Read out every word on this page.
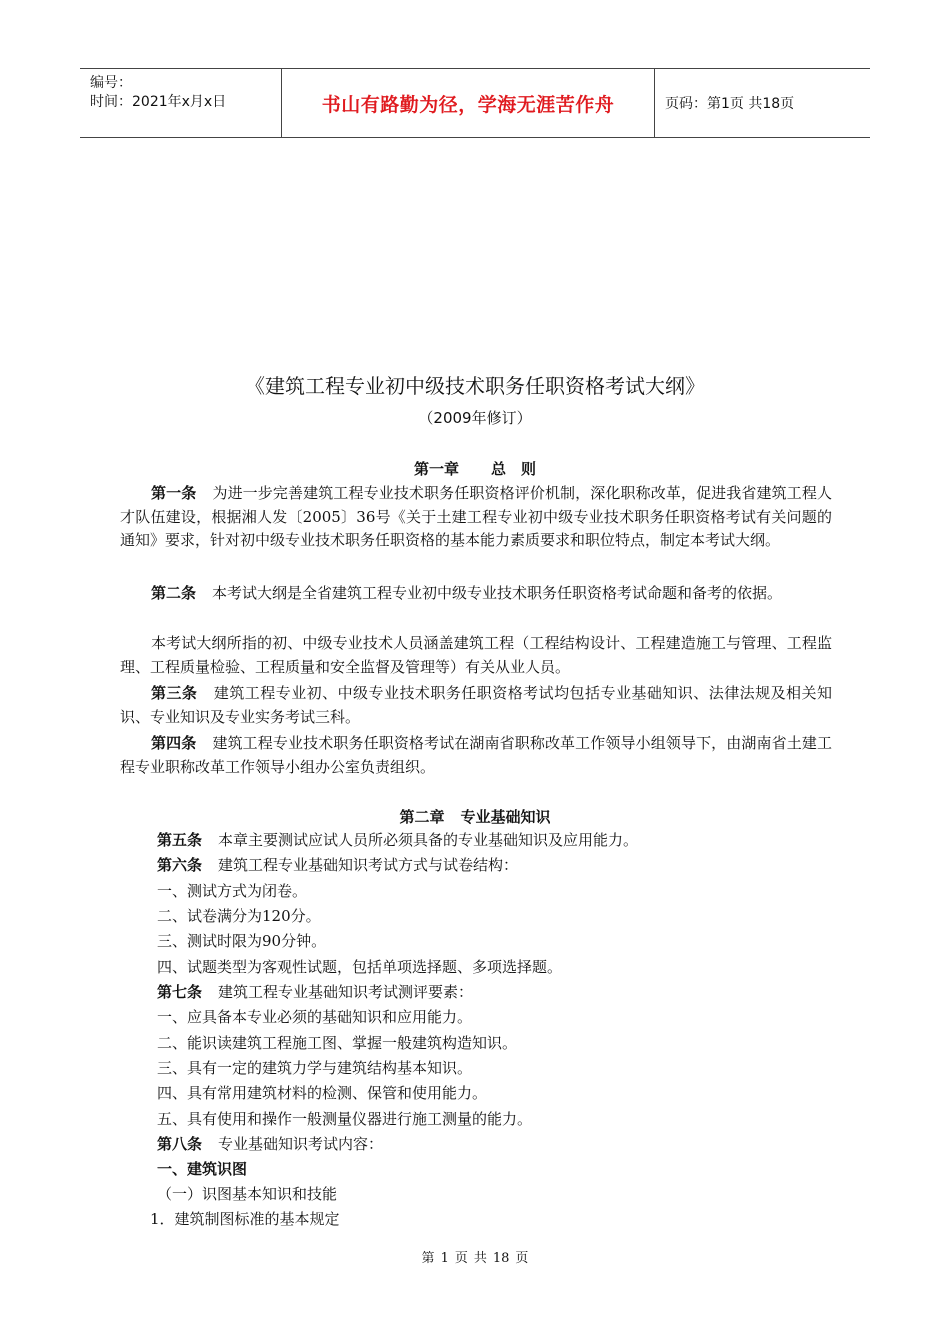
编号：
时间：2021年x月x日	书山有路勤为径，学海无涯苦作舟	页码：第1页 共18页
《建筑工程专业初中级技术职务任职资格考试大纲》
（2009年修订）
第一章 总　则

第一条 为进一步完善建筑工程专业技术职务任职资格评价机制，深化职称改革，促进我省建筑工程人才队伍建设，根据湘人发〔2005〕36号《关于土建工程专业初中级专业技术职务任职资格考试有关问题的通知》要求，针对初中级专业技术职务任职资格的基本能力素质要求和职位特点，制定本考试大纲。

第二条 本考试大纲是全省建筑工程专业初中级专业技术职务任职资格考试命题和备考的依据。

本考试大纲所指的初、中级专业技术人员涵盖建筑工程（工程结构设计、工程建造施工与管理、工程监理、工程质量检验、工程质量和安全监督及管理等）有关从业人员。

第三条 建筑工程专业初、中级专业技术职务任职资格考试均包括专业基础知识、法律法规及相关知识、专业知识及专业实务考试三科。

第四条 建筑工程专业技术职务任职资格考试在湖南省职称改革工作领导小组领导下，由湖南省土建工程专业职称改革工作领导小组办公室负责组织。

第二章 专业基础知识
第五条 本章主要测试应试人员所必须具备的专业基础知识及应用能力。
第六条 建筑工程专业基础知识考试方式与试卷结构：
一、测试方式为闭卷。
二、试卷满分为120分。
三、测试时限为90分钟。
四、试题类型为客观性试题，包括单项选择题、多项选择题。
第七条 建筑工程专业基础知识考试测评要素：
一、应具备本专业必须的基础知识和应用能力。
二、能识读建筑工程施工图、掌握一般建筑构造知识。
三、具有一定的建筑力学与建筑结构基本知识。
四、具有常用建筑材料的检测、保管和使用能力。
五、具有使用和操作一般测量仪器进行施工测量的能力。
第八条 专业基础知识考试内容：
一、建筑识图
（一）识图基本知识和技能
1．建筑制图标准的基本规定
第 1 页 共 18 页
